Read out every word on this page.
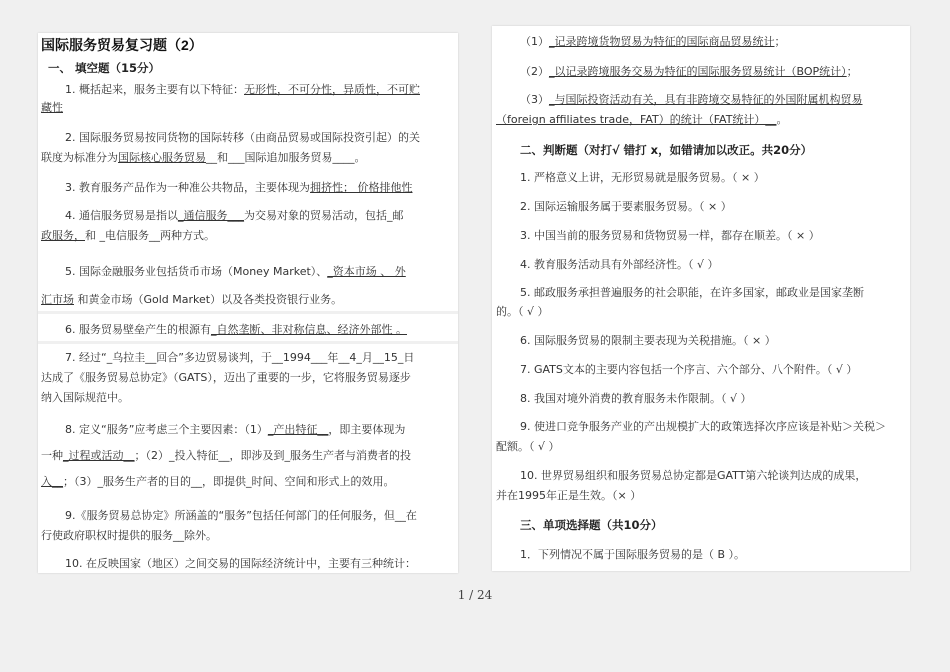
国际服务贸易复习题（2）
一、 填空题（15分）
1. 概括起来，服务主要有以下特征：无形性，不可分性，异质性，不可贮
藏性
2. 国际服务贸易按同货物的国际转移（由商品贸易或国际投资引起）的关
联度为标准分为国际核心服务贸易__和___国际追加服务贸易____。
3. 教育服务产品作为一种准公共物品，主要体现为拥挤性； 价格排他性
4. 通信服务贸易是指以_通信服务___为交易对象的贸易活动，包括_邮
政服务，和 _电信服务__两种方式。
5. 国际金融服务业包括货币市场（Money Market）、_资本市场 、 外
汇市场 和黄金市场（Gold Market）以及各类投资银行业务。
6. 服务贸易壁垒产生的根源有_自然垄断、非对称信息、经济外部性 。
7. 经过“_乌拉圭__回合”多边贸易谈判，于__1994___年__4_月__15_日
达成了《服务贸易总协定》（GATS），迈出了重要的一步，它将服务贸易逐步
纳入国际规范中。
8. 定义“服务”应考虑三个主要因素：（1）_产出特征__，即主要体现为
一种_过程或活动__；（2）_投入特征__，即涉及到_服务生产者与消费者的投
入__；（3）_服务生产者的目的__，即提供_时间、空间和形式上的效用。
9.《服务贸易总协定》所涵盖的“服务”包括任何部门的任何服务，但__在
行使政府职权时提供的服务__除外。
10. 在反映国家（地区）之间交易的国际经济统计中，主要有三种统计：
（1）_记录跨境货物贸易为特征的国际商品贸易统计；
（2）_以记录跨境服务交易为特征的国际服务贸易统计（BOP统计）；
（3）_与国际投资活动有关，具有非跨境交易特征的外国附属机构贸易
（foreign affiliates trade，FAT）的统计（FAT统计）__。
二、判断题（对打√ 错打 x，如错请加以改正。共20分）
1. 严格意义上讲，无形贸易就是服务贸易。（ × ）
2. 国际运输服务属于要素服务贸易。（ × ）
3. 中国当前的服务贸易和货物贸易一样，都存在顺差。（ × ）
4. 教育服务活动具有外部经济性。（ √ ）
5. 邮政服务承担普遍服务的社会职能，在许多国家，邮政业是国家垄断
的。（ √ ）
6. 国际服务贸易的限制主要表现为关税措施。（ × ）
7. GATS文本的主要内容包括一个序言、六个部分、八个附件。（ √ ）
8. 我国对境外消费的教育服务未作限制。（ √ ）
9. 使进口竞争服务产业的产出规模扩大的政策选择次序应该是补贴＞关税＞
配额。（ √ ）
10. 世界贸易组织和服务贸易总协定都是GATT第六轮谈判达成的成果，
并在1995年正是生效。（× ）
三、单项选择题（共10分）
1．下列情况不属于国际服务贸易的是（ B ）。
1 / 24
